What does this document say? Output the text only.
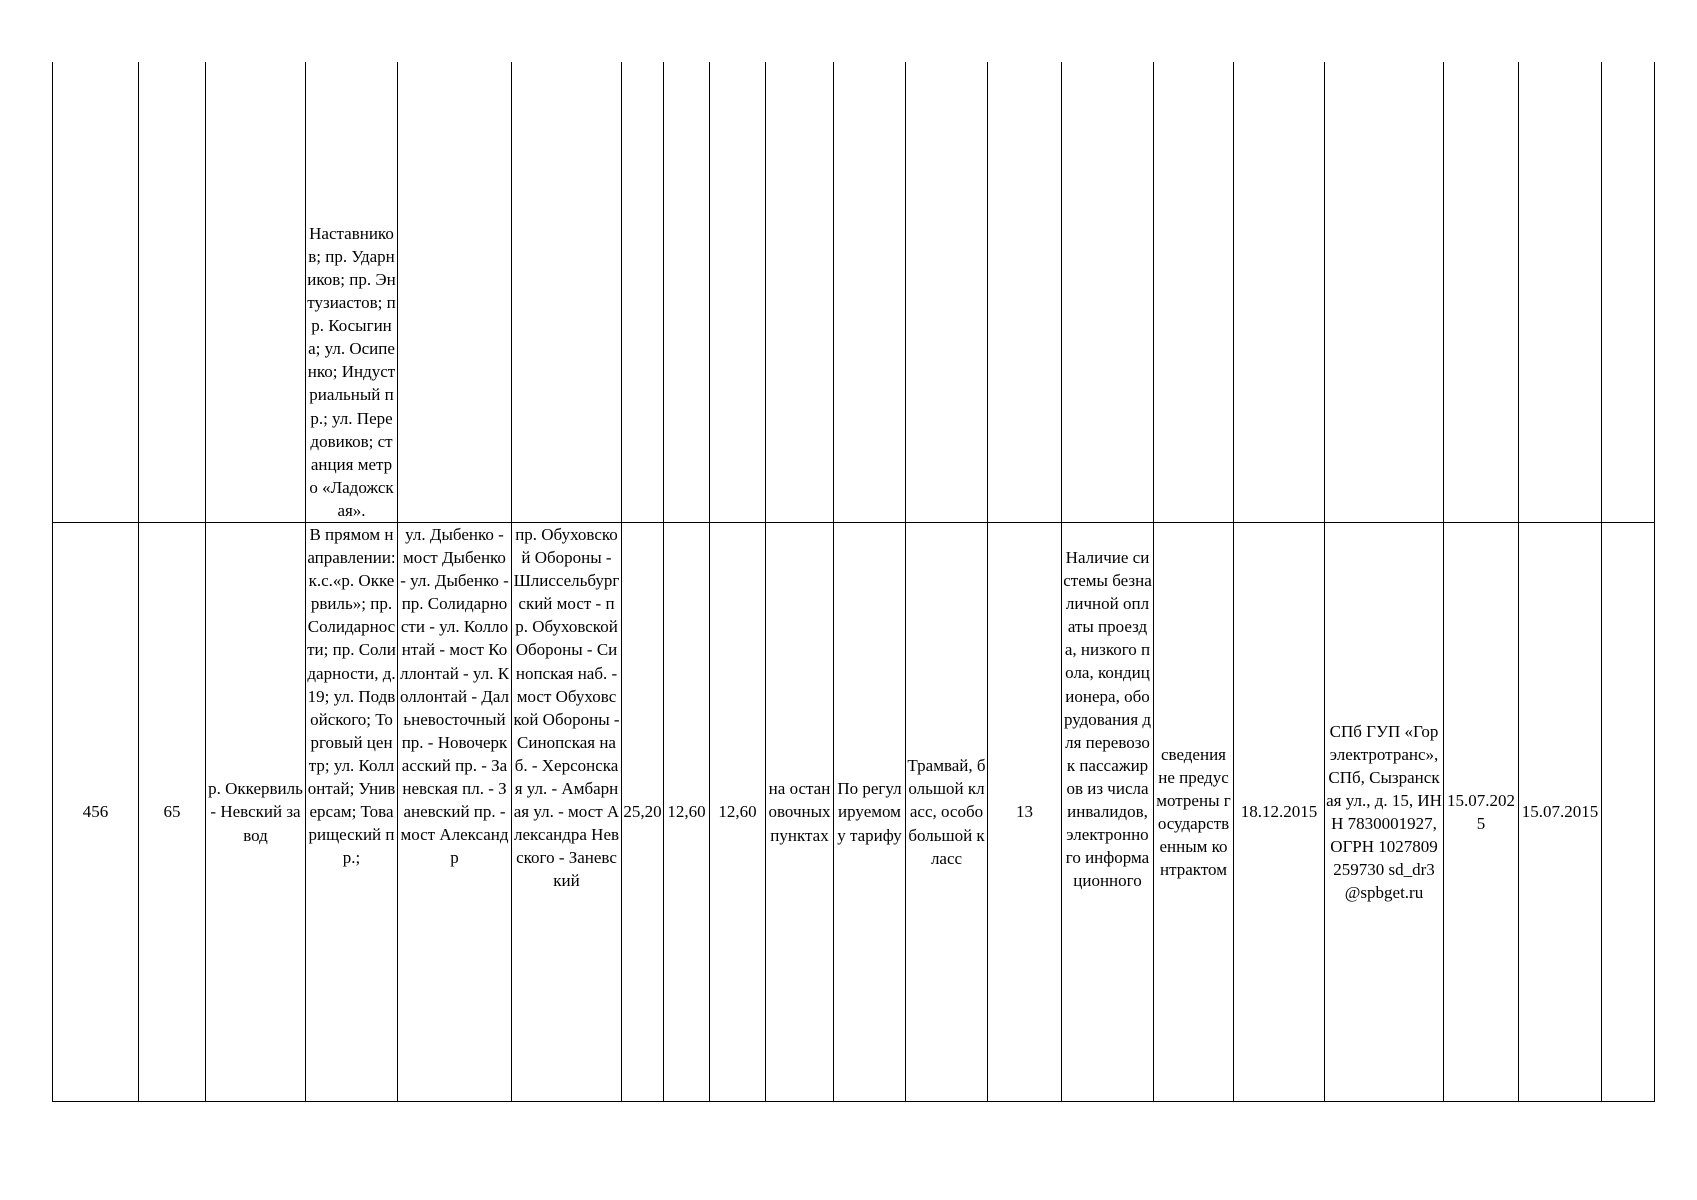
			Наставников; пр. Ударников; пр. Энтузиастов; пр. Косыгина; ул. Осипенко; Индустриальный пр.; ул. Передовиков; станция метро «Ладожская».																

456	65	р. Оккервиль - Невский завод	В прямом направлении: к.с.«р. Оккервиль»; пр. Солидарности; пр. Солидарности, д.19; ул. Подвойского; Торговый центр; ул. Коллонтай; Универсам; Товарищеский пр.;	ул. Дыбенко - мост Дыбенко - ул. Дыбенко - пр. Солидарности - ул. Коллонтай - мост Коллонтай - ул. Коллонтай - Дальневосточный пр. - Новочеркасский пр. - Заневская пл. - Заневский пр. - мост Александр	пр. Обуховской Обороны - Шлиссельбургский мост - пр. Обуховской Обороны - Синопская наб. - мост Обуховской Обороны - Синопская наб. - Херсонская ул. - Амбарная ул. - мост Александра Невского - Заневский	25,20	12,60	12,60	на остановочных пунктах	По регулируемому тарифу	Трамвай, большой класс, особо большой класс	13	Наличие системы безналичной оплаты проезда, низкого пола, кондиционера, оборудования для перевозок пассажиров из числа инвалидов, электронного информационного	сведения не предусмотрены государственным контрактом	18.12.2015	СПб ГУП «Горэлектротранс», СПб, Сызранская ул., д. 15, ИНН 7830001927, ОГРН 1027809259730 sd_dr3@spbget.ru	15.07.2025	15.07.2015	
